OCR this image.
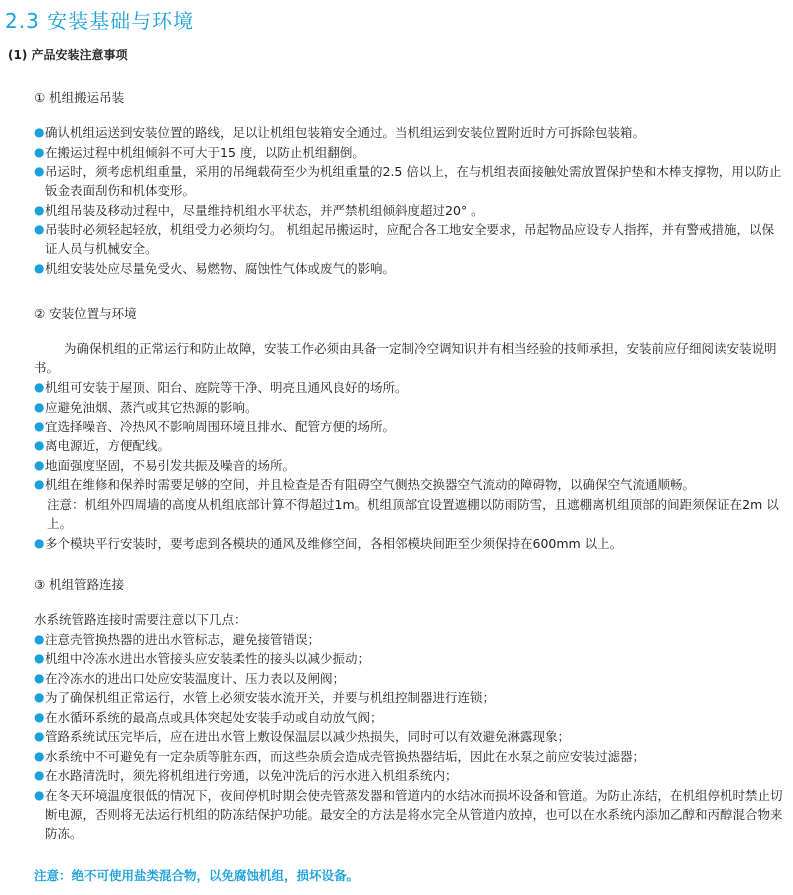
2.3 安装基础与环境
(1) 产品安装注意事项
① 机组搬运吊装
● 确认机组运送到安装位置的路线，足以让机组包装箱安全通过。当机组运到安装位置附近时方可拆除包装箱。
● 在搬运过程中机组倾斜不可大于15 度，以防止机组翻倒。
● 吊运时，须考虑机组重量，采用的吊绳载荷至少为机组重量的2.5 倍以上，在与机组表面接触处需放置保护垫和木棒支撑物，用以防止钣金表面刮伤和机体变形。
● 机组吊装及移动过程中，尽量维持机组水平状态，并严禁机组倾斜度超过20° 。
● 吊装时必须轻起轻放，机组受力必须均匀。 机组起吊搬运时，应配合各工地安全要求，吊起物品应设专人指挥，并有警戒措施，以保证人员与机械安全。
● 机组安装处应尽量免受火、易燃物、腐蚀性气体或废气的影响。
② 安装位置与环境
为确保机组的正常运行和防止故障，安装工作必须由具备一定制冷空调知识并有相当经验的技师承担，安装前应仔细阅读安装说明书。
● 机组可安装于屋顶、阳台、庭院等干净、明亮且通风良好的场所。
● 应避免油烟、蒸汽或其它热源的影响。
● 宜选择噪音、冷热风不影响周围环境且排水、配管方便的场所。
● 离电源近，方便配线。
● 地面强度坚固，不易引发共振及噪音的场所。
● 机组在维修和保养时需要足够的空间，并且检查是否有阻碍空气侧热交换器空气流动的障碍物，以确保空气流通顺畅。
注意：机组外四周墙的高度从机组底部计算不得超过1m。机组顶部宜设置遮棚以防雨防雪，且遮棚离机组顶部的间距须保证在2m 以上。
● 多个模块平行安装时，要考虑到各模块的通风及维修空间，各相邻模块间距至少须保持在600mm 以上。
③ 机组管路连接
水系统管路连接时需要注意以下几点：
● 注意壳管换热器的进出水管标志，避免接管错误；
● 机组中冷冻水进出水管接头应安装柔性的接头以减少振动；
● 在冷冻水的进出口处应安装温度计、压力表以及闸阀；
● 为了确保机组正常运行，水管上必须安装水流开关，并要与机组控制器进行连锁；
● 在水循环系统的最高点或具体突起处安装手动或自动放气阀；
● 管路系统试压完毕后，应在进出水管上敷设保温层以减少热损失，同时可以有效避免淋露现象；
● 水系统中不可避免有一定杂质等脏东西，而这些杂质会造成壳管换热器结垢，因此在水泵之前应安装过滤器；
● 在水路清洗时，须先将机组进行旁通，以免冲洗后的污水进入机组系统内；
● 在冬天环境温度很低的情况下，夜间停机时期会使壳管蒸发器和管道内的水结冰而损坏设备和管道。为防止冻结，在机组停机时禁止切断电源，否则将无法运行机组的防冻结保护功能。最安全的方法是将水完全从管道内放掉，也可以在水系统内添加乙醇和丙醇混合物来防冻。
注意：绝不可使用盐类混合物，以免腐蚀机组，损坏设备。
